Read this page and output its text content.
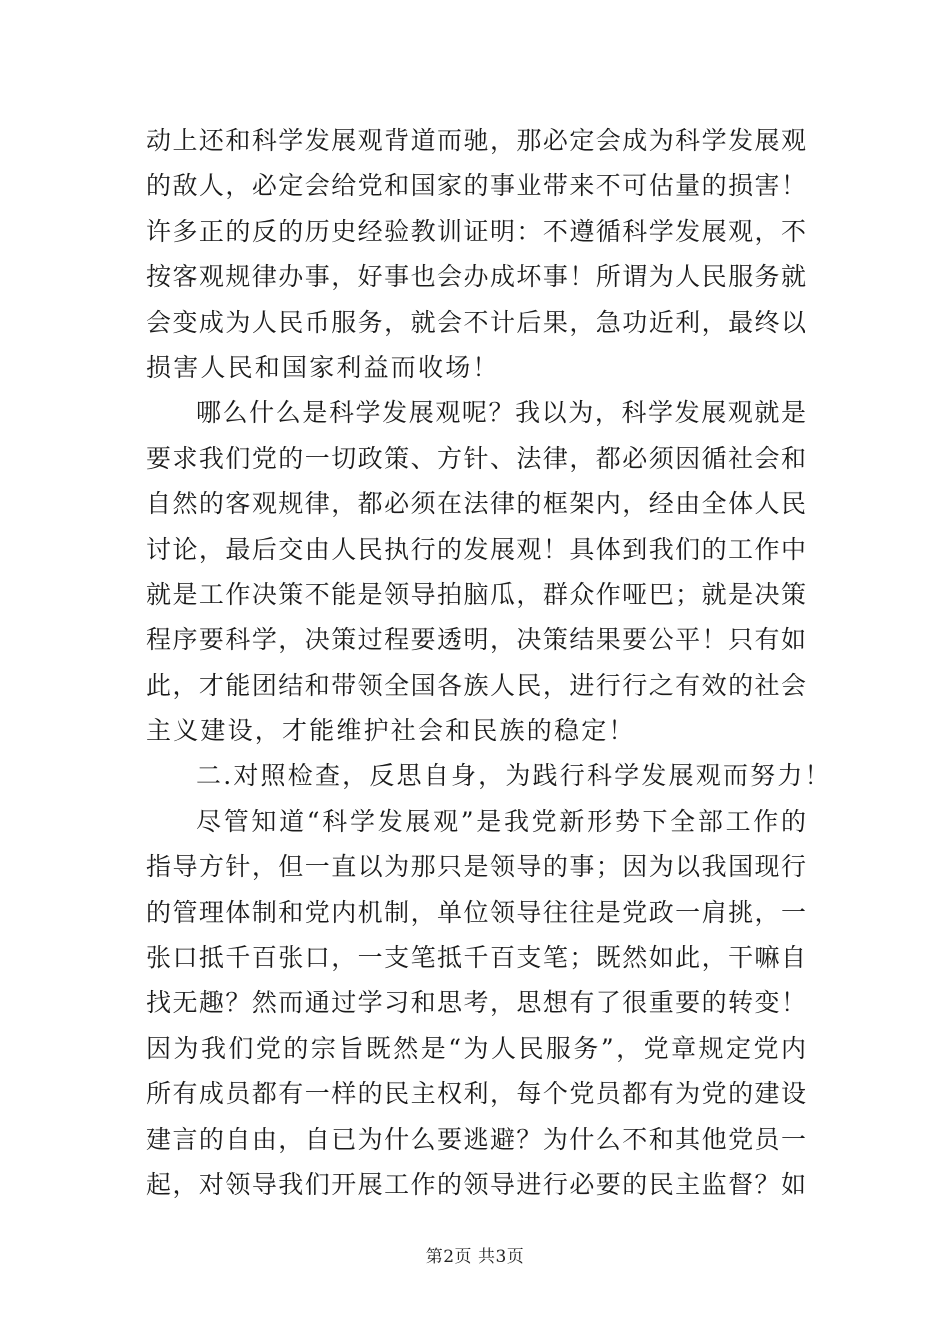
动上还和科学发展观背道而驰，那必定会成为科学发展观
的敌人，必定会给党和国家的事业带来不可估量的损害！
许多正的反的历史经验教训证明：不遵循科学发展观，不
按客观规律办事，好事也会办成坏事！所谓为人民服务就
会变成为人民币服务，就会不计后果，急功近利，最终以
损害人民和国家利益而收场！
哪么什么是科学发展观呢？我以为，科学发展观就是
要求我们党的一切政策、方针、法律，都必须因循社会和
自然的客观规律，都必须在法律的框架内，经由全体人民
讨论，最后交由人民执行的发展观！具体到我们的工作中
就是工作决策不能是领导拍脑瓜，群众作哑巴；就是决策
程序要科学，决策过程要透明，决策结果要公平！只有如
此，才能团结和带领全国各族人民，进行行之有效的社会
主义建设，才能维护社会和民族的稳定！
二.对照检查，反思自身，为践行科学发展观而努力！
尽管知道“科学发展观”是我党新形势下全部工作的
指导方针，但一直以为那只是领导的事；因为以我国现行
的管理体制和党内机制，单位领导往往是党政一肩挑，一
张口抵千百张口，一支笔抵千百支笔；既然如此，干嘛自
找无趣？然而通过学习和思考，思想有了很重要的转变！
因为我们党的宗旨既然是“为人民服务”，党章规定党内
所有成员都有一样的民主权利，每个党员都有为党的建设
建言的自由，自已为什么要逃避？为什么不和其他党员一
起，对领导我们开展工作的领导进行必要的民主监督？如
第2页 共3页
